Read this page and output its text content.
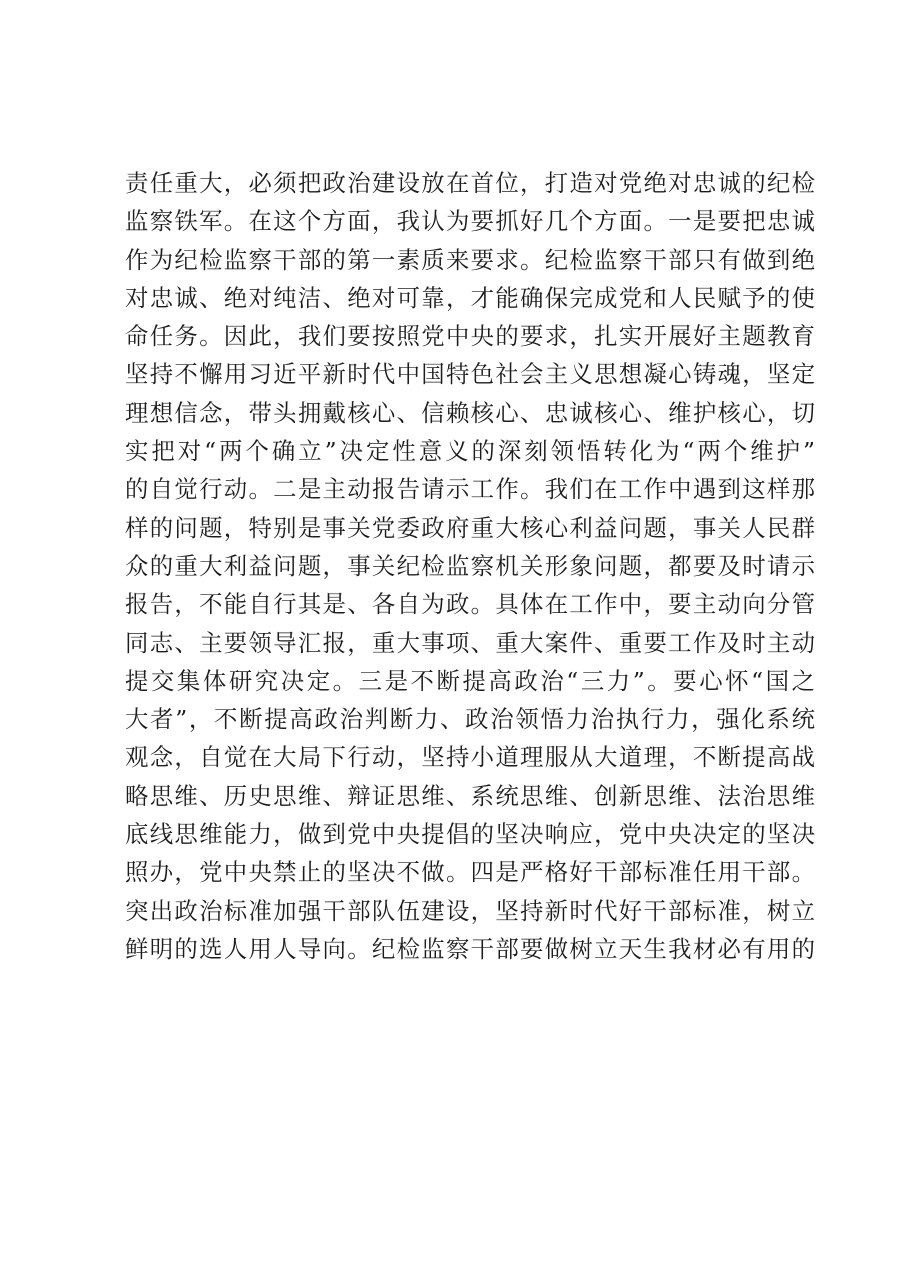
责任重大，必须把政治建设放在首位，打造对党绝对忠诚的纪检
监察铁军。在这个方面，我认为要抓好几个方面。一是要把忠诚
作为纪检监察干部的第一素质来要求。纪检监察干部只有做到绝
对忠诚、绝对纯洁、绝对可靠，才能确保完成党和人民赋予的使
命任务。因此，我们要按照党中央的要求，扎实开展好主题教育
坚持不懈用习近平新时代中国特色社会主义思想凝心铸魂，坚定
理想信念，带头拥戴核心、信赖核心、忠诚核心、维护核心，切
实把对“两个确立”决定性意义的深刻领悟转化为“两个维护”
的自觉行动。二是主动报告请示工作。我们在工作中遇到这样那
样的问题，特别是事关党委政府重大核心利益问题，事关人民群
众的重大利益问题，事关纪检监察机关形象问题，都要及时请示
报告，不能自行其是、各自为政。具体在工作中，要主动向分管
同志、主要领导汇报，重大事项、重大案件、重要工作及时主动
提交集体研究决定。三是不断提高政治“三力”。要心怀“国之
大者”，不断提高政治判断力、政治领悟力治执行力，强化系统
观念，自觉在大局下行动，坚持小道理服从大道理，不断提高战
略思维、历史思维、辩证思维、系统思维、创新思维、法治思维
底线思维能力，做到党中央提倡的坚决响应，党中央决定的坚决
照办，党中央禁止的坚决不做。四是严格好干部标准任用干部。
突出政治标准加强干部队伍建设，坚持新时代好干部标准，树立
鲜明的选人用人导向。纪检监察干部要做树立天生我材必有用的
